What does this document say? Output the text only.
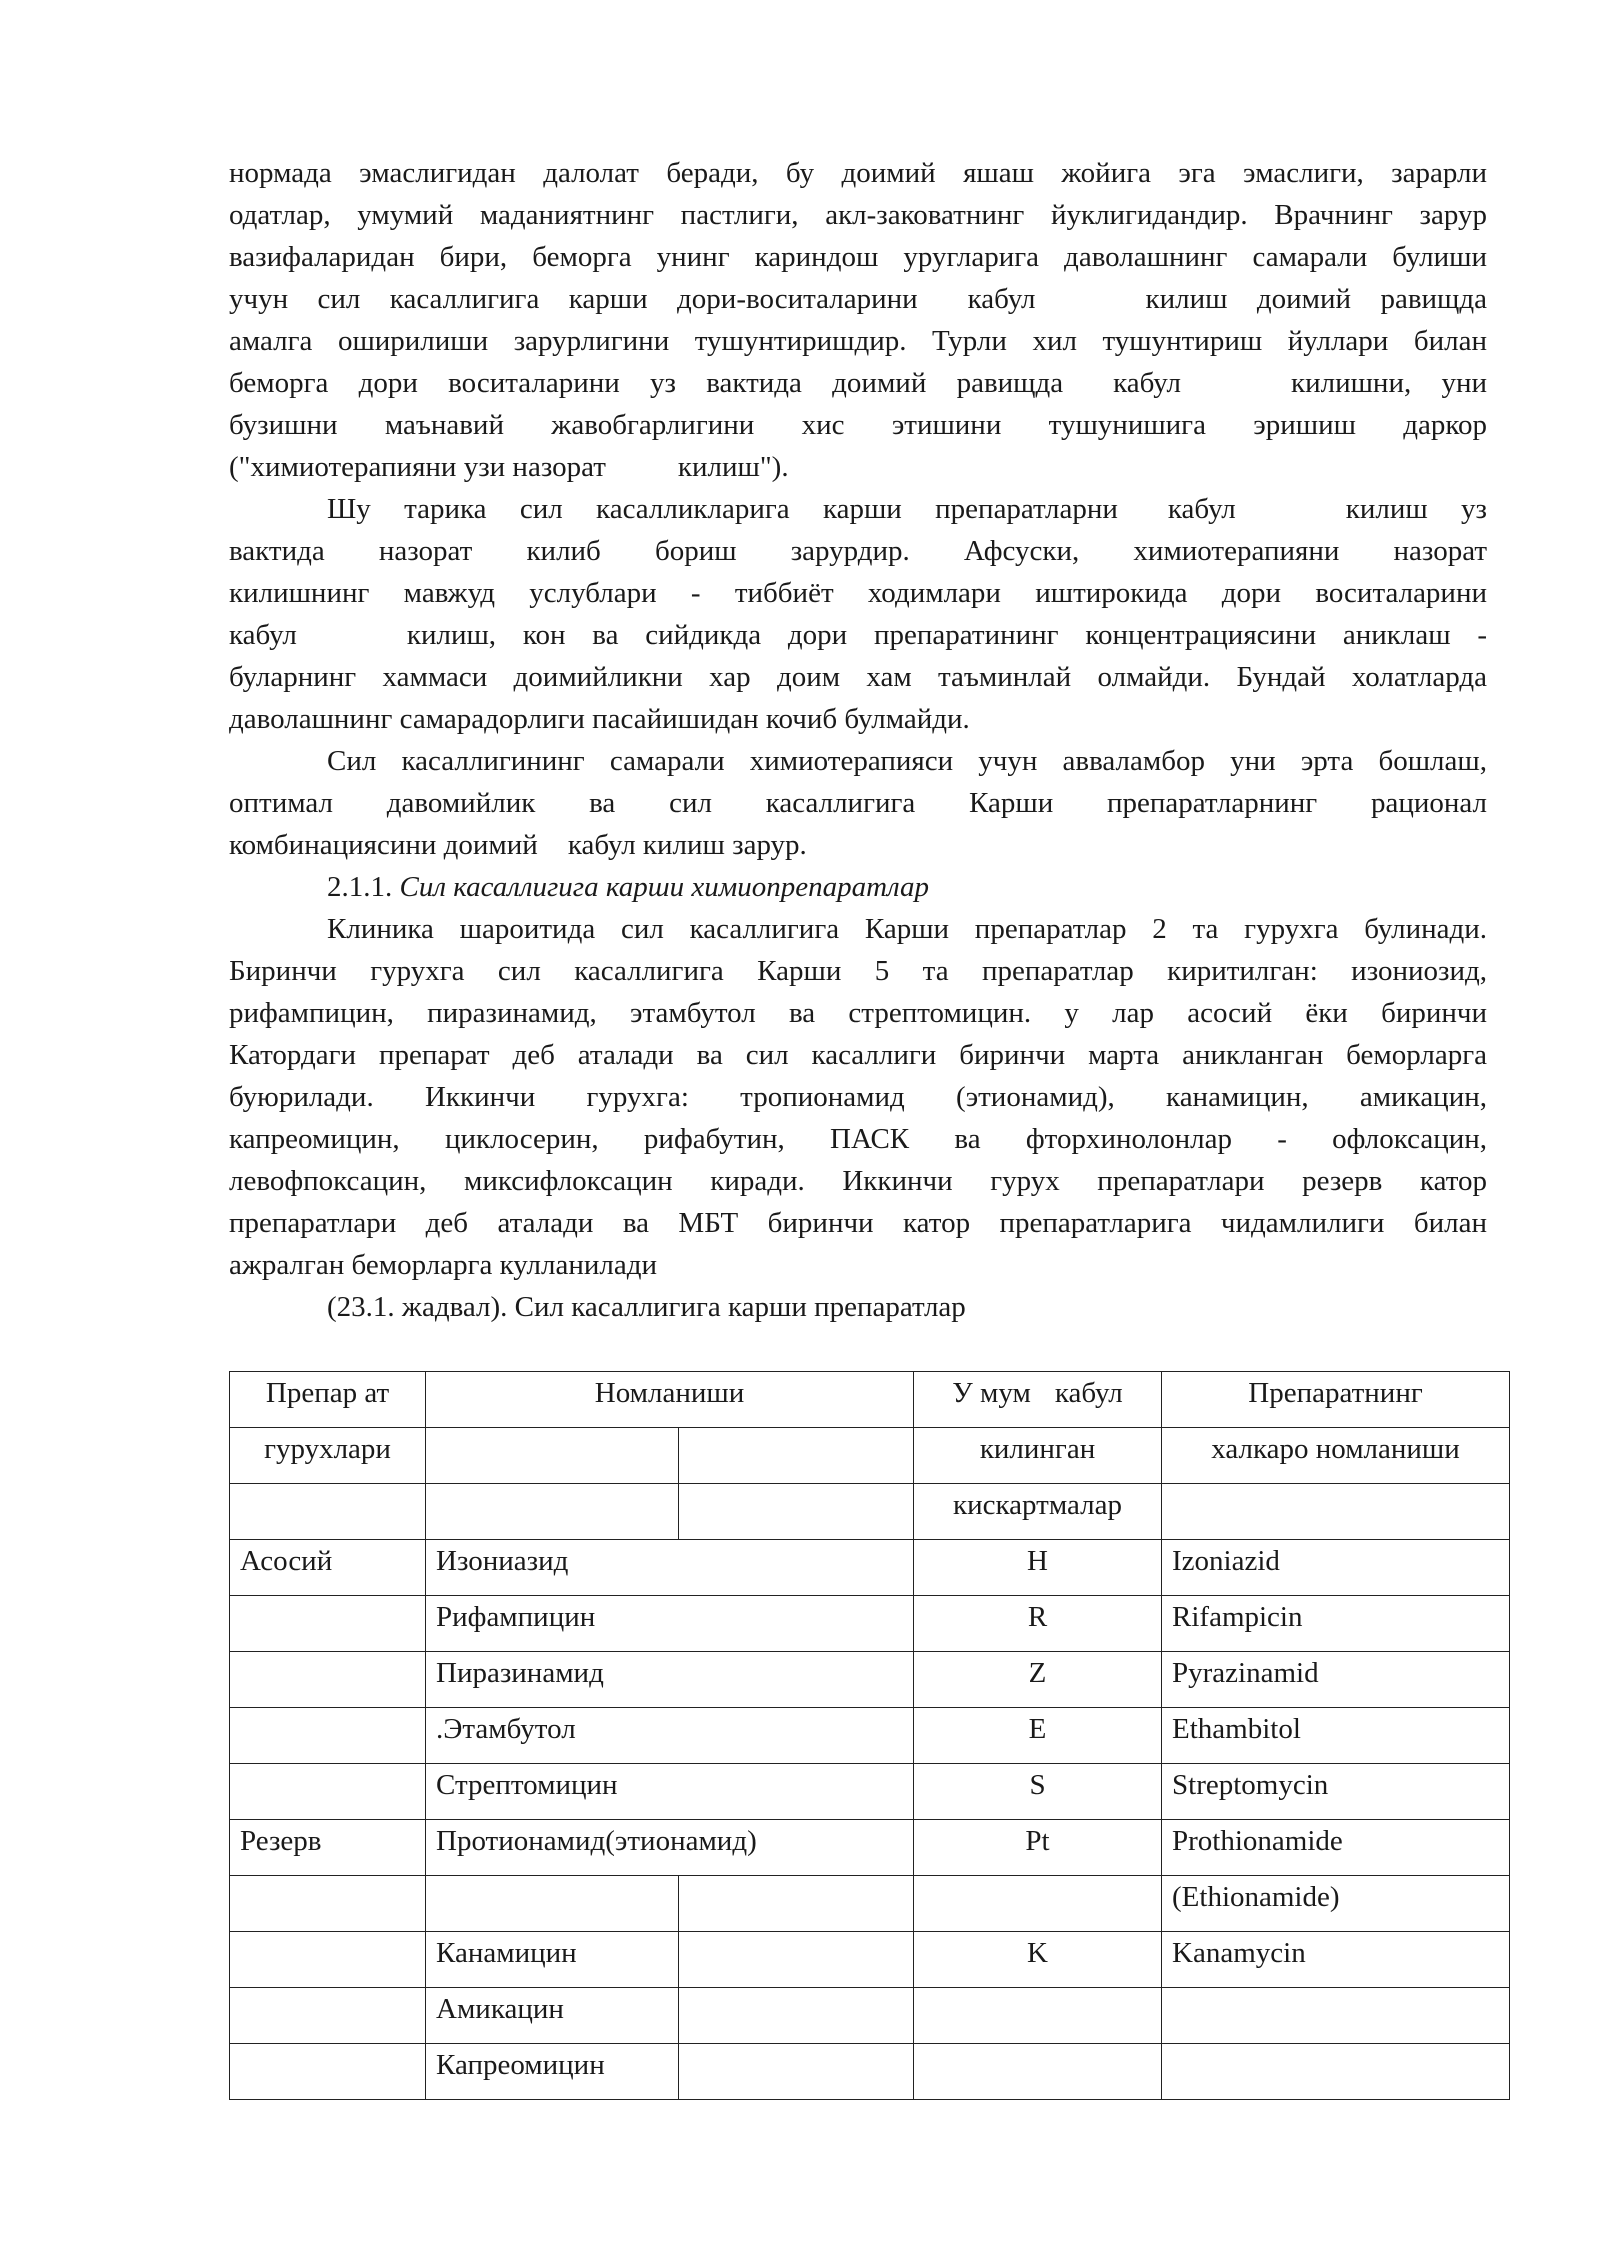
нормада эмаслигидан далолат беради, бу доимий яшаш жойига эга эмаслиги, зарарли

одатлар, умумий маданиятнинг пастлиги, акл-заковатнинг йуклигидандир. Врачнинг зарур

вазифаларидан бири, беморга унинг кариндош уругларига даволашнинг самарали булиши

учун сил касаллигига карши дори-воситаларини кабул	килиш доимий равищда

амалга оширилиши зарурлигини тушунтиришдир. Турли хил тушунтириш йуллари билан

беморга дори воситаларини уз вактида доимий равищда кабул	килишни, уни

бузишни маънавий жавобгарлигини хис этишини тушунишига эришиш даркор

("химиотерапияни узи назорат килиш").

Шу тарика сил касалликларига карши препаратларни кабул	килиш уз

вактида назорат килиб бориш зарурдир. Афсуски, химиотерапияни назорат

килишнинг мавжуд услублари - тиббиёт ходимлари иштирокида дори воситаларини

кабул	килиш, кон ва сийдикда дори препаратининг концентрациясини аниклаш -

буларнинг хаммаси доимийликни хар доим хам таъминлай олмайди. Бундай холатларда

даволашнинг самарадорлиги пасайишидан кочиб булмайди.

Сил касаллигининг самарали химиотерапияси учун авваламбор уни эрта бошлаш,

оптимал давомийлик ва сил касаллигига Карши препаратларнинг рационал

комбинациясини доимий кабул килиш зарур.

2.1.1. Сил касаллигига карши химиопрепаратлар

Клиника шароитида сил касаллигига Карши препаратлар 2 та гурухга булинади.

Биринчи гурухга сил касаллигига Карши 5 та препаратлар киритилган: изониозид,

рифампицин, пиразинамид, этамбутол ва стрептомицин. у лар асосий ёки биринчи

Катордаги препарат деб аталади ва сил касаллиги биринчи марта аникланган беморларга

буюрилади. Иккинчи гурухга: тропионамид (этионамид), канамицин, амикацин,

капреомицин, циклосерин, рифабутин, ПАСК ва фторхинолонлар - офлоксацин,

левофпоксацин, миксифлоксацин киради. Иккинчи гурух препаратлари резерв катор

препаратлари деб аталади ва МБТ биринчи катор препаратларига чидамлилиги билан

ажралган беморларга кулланилади

(23.1. жадвал). Сил касаллигига карши препаратлар

Препар ат	Номланиши		У мум кабул	Препаратнинг
гурухлари			килинган	халкаро номланиши
			кискартмалар	
Асосий	Изониазид		H	Izoniazid
	Рифампицин		R	Rifampicin
	Пиразинамид		Z	Pyrazinamid
	.Этамбутол		E	Ethambitol
	Стрептомицин		S	Streptomycin
Резерв	Протионамид(этионамид)		Pt	Prothionamide
				(Ethionamide)
	Канамицин		K	Kanamycin
	Амикацин			
	Капреомицин			
